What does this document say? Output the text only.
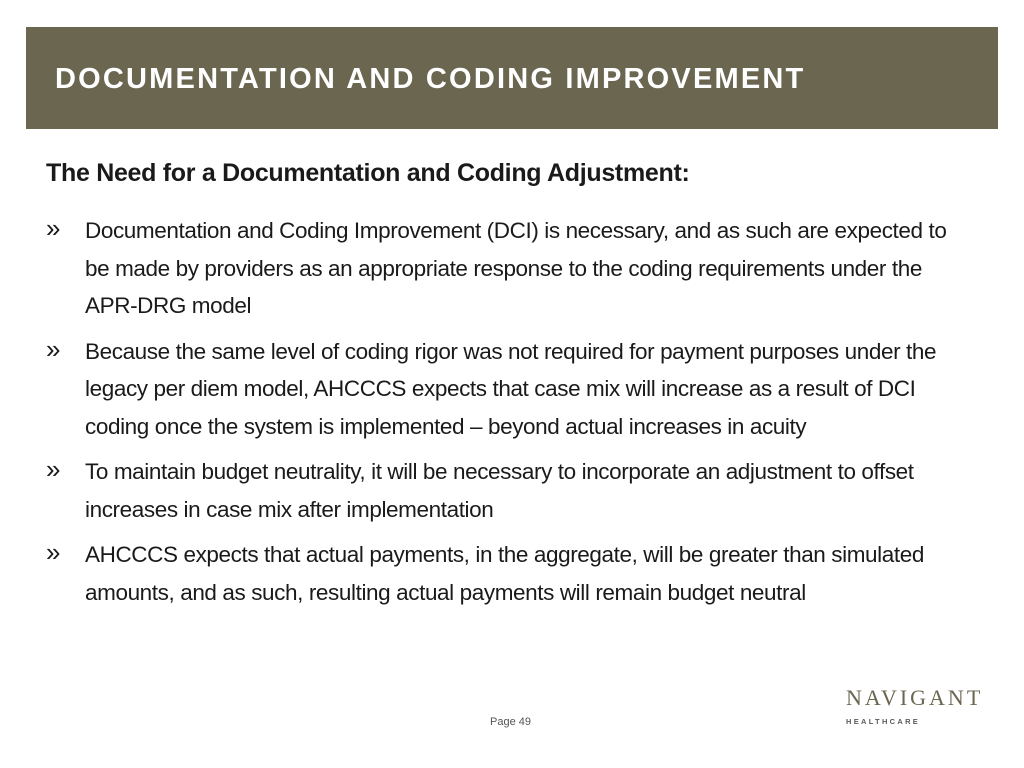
DOCUMENTATION AND CODING IMPROVEMENT
The Need for a Documentation and Coding Adjustment:
» Documentation and Coding Improvement (DCI) is necessary, and as such are expected to be made by providers as an appropriate response to the coding requirements under the APR-DRG model
» Because the same level of coding rigor was not required for payment purposes under the legacy per diem model, AHCCCS expects that case mix will increase as a result of DCI coding once the system is implemented – beyond actual increases in acuity
» To maintain budget neutrality, it will be necessary to incorporate an adjustment to offset increases in case mix after implementation
» AHCCCS expects that actual payments, in the aggregate, will be greater than simulated amounts, and as such, resulting actual payments will remain budget neutral
Page 49
NAVIGANT
HEALTHCARE
